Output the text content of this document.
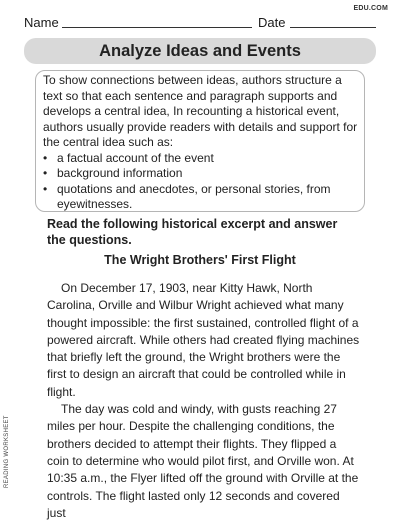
EDU.COM
Name	Date
Analyze Ideas and Events

To show connections between ideas, authors structure a text so that each sentence and paragraph supports and develops a central idea, In recounting a historical event, authors usually provide readers with details and support for the central idea such as:

• a factual account of the event
• background information
• quotations and anecdotes, or personal stories, from eyewitnesses.
Read the following historical excerpt and answer the questions.
The Wright Brothers' First Flight

On December 17, 1903, near Kitty Hawk, North Carolina, Orville and Wilbur Wright achieved what many thought impossible: the first sustained, controlled flight of a powered aircraft. While others had created flying machines that briefly left the ground, the Wright brothers were the first to design an aircraft that could be controlled while in flight.

The day was cold and windy, with gusts reaching 27 miles per hour. Despite the challenging conditions, the brothers decided to attempt their flights. They flipped a coin to determine who would pilot first, and Orville won. At 10:35 a.m., the Flyer lifted off the ground with Orville at the controls. The flight lasted only 12 seconds and covered just

READING WORKSHEET
